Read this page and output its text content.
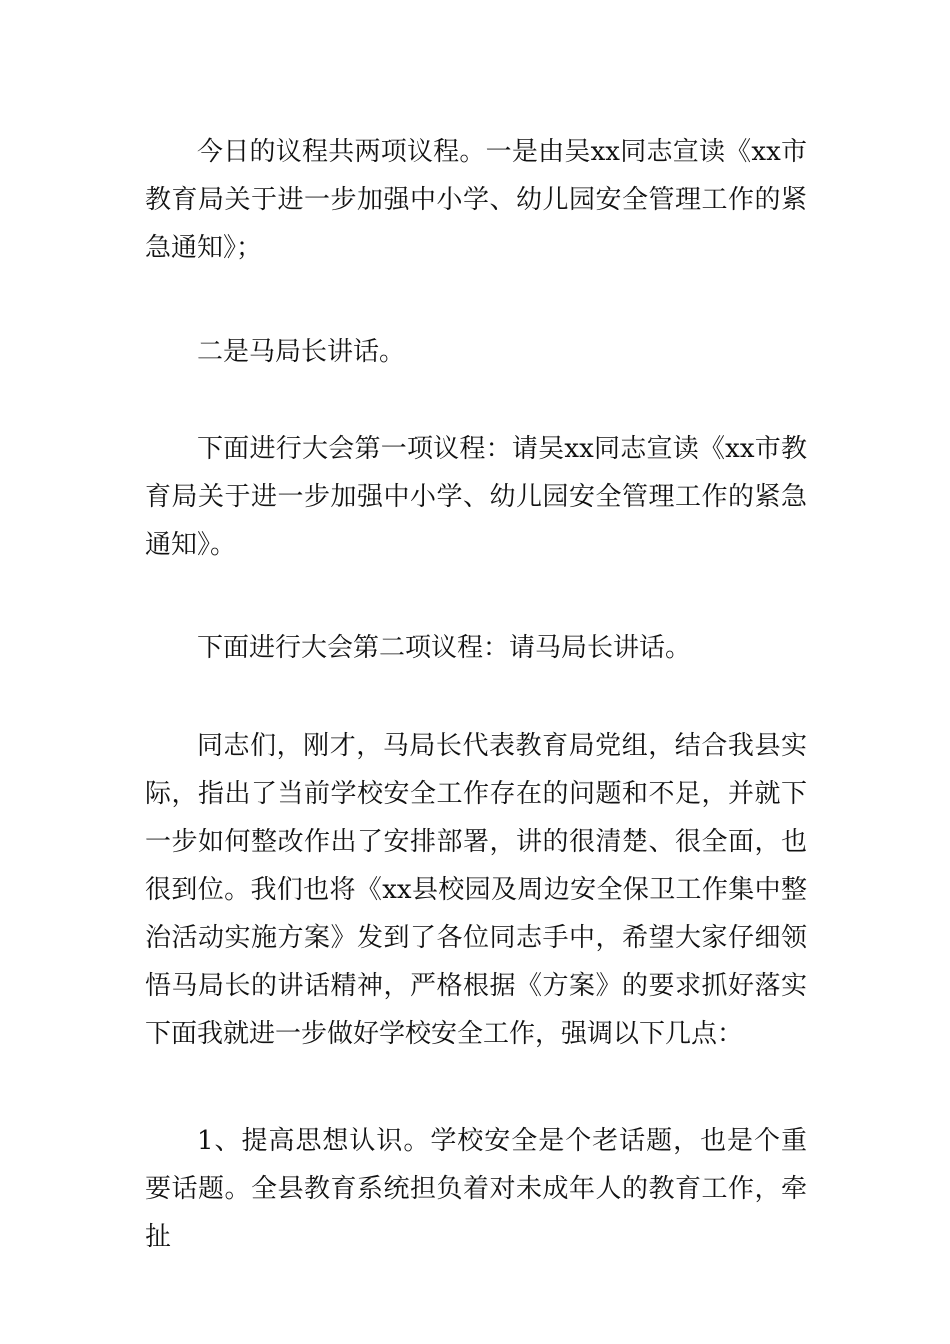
今日的议程共两项议程。一是由吴xx同志宣读《xx市教育局关于进一步加强中小学、幼儿园安全管理工作的紧急通知》；

二是马局长讲话。

下面进行大会第一项议程：请吴xx同志宣读《xx市教育局关于进一步加强中小学、幼儿园安全管理工作的紧急通知》。

下面进行大会第二项议程：请马局长讲话。

同志们，刚才，马局长代表教育局党组，结合我县实际，指出了当前学校安全工作存在的问题和不足，并就下一步如何整改作出了安排部署，讲的很清楚、很全面，也很到位。我们也将《xx县校园及周边安全保卫工作集中整治活动实施方案》发到了各位同志手中，希望大家仔细领悟马局长的讲话精神，严格根据《方案》的要求抓好落实下面我就进一步做好学校安全工作，强调以下几点：

1、提高思想认识。学校安全是个老话题，也是个重要话题。全县教育系统担负着对未成年人的教育工作，牵扯
